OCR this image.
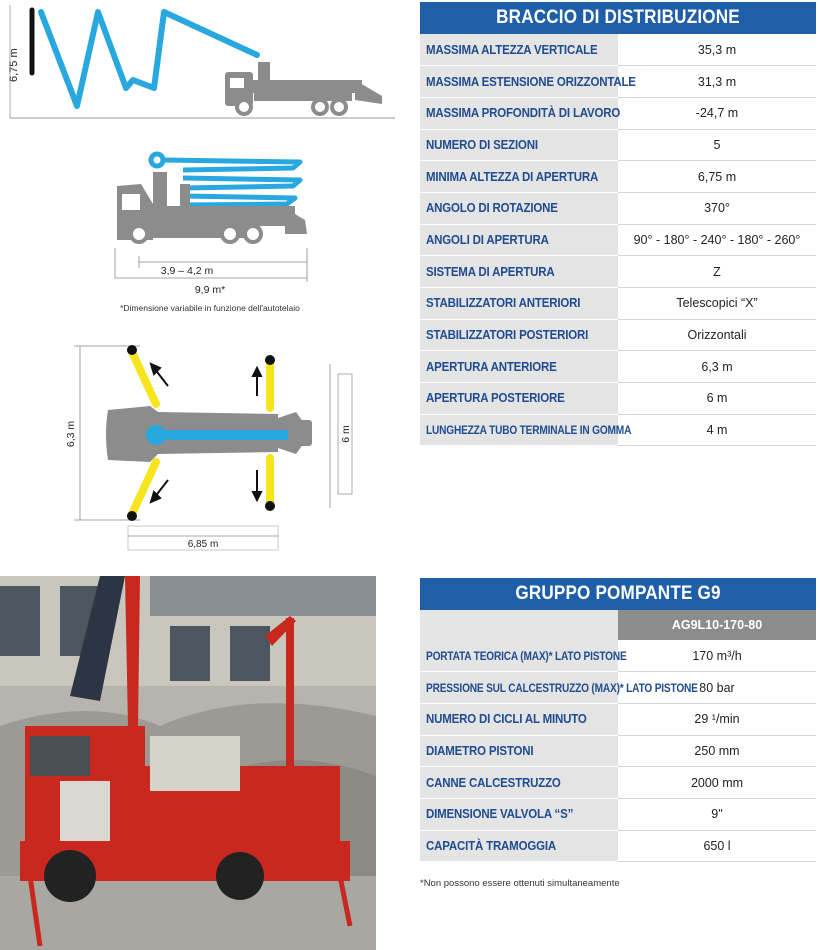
6,75 m
3,9 – 4,2 m
9,9 m*
*Dimensione variabile in funzione dell'autotelaio
6,3 m	6 m
6,85 m
BRACCIO DI DISTRIBUZIONE	

MASSIMA ALTEZZA VERTICALE	35,3 m
MASSIMA ESTENSIONE ORIZZONTALE	31,3 m
MASSIMA PROFONDITÀ DI LAVORO	-24,7 m
NUMERO DI SEZIONI	5
MINIMA ALTEZZA DI APERTURA	6,75 m
ANGOLO DI ROTAZIONE	370°
ANGOLI DI APERTURA	90° - 180° - 240° - 180° - 260°
SISTEMA DI APERTURA	Z
STABILIZZATORI ANTERIORI	Telescopici “X”
STABILIZZATORI POSTERIORI	Orizzontali
APERTURA ANTERIORE	6,3 m
APERTURA POSTERIORE	6 m
LUNGHEZZA TUBO TERMINALE IN GOMMA	4 m
GRUPPO POMPANTE G9	

	AG9L10-170-80
PORTATA TEORICA (MAX)* LATO PISTONE	170 m³/h
PRESSIONE SUL CALCESTRUZZO (MAX)* LATO PISTONE	80 bar
NUMERO DI CICLI AL MINUTO	29 ¹/min
DIAMETRO PISTONI	250 mm
CANNE CALCESTRUZZO	2000 mm
DIMENSIONE VALVOLA “S”	9"
CAPACITÀ TRAMOGGIA	650 l
*Non possono essere ottenuti simultaneamente
